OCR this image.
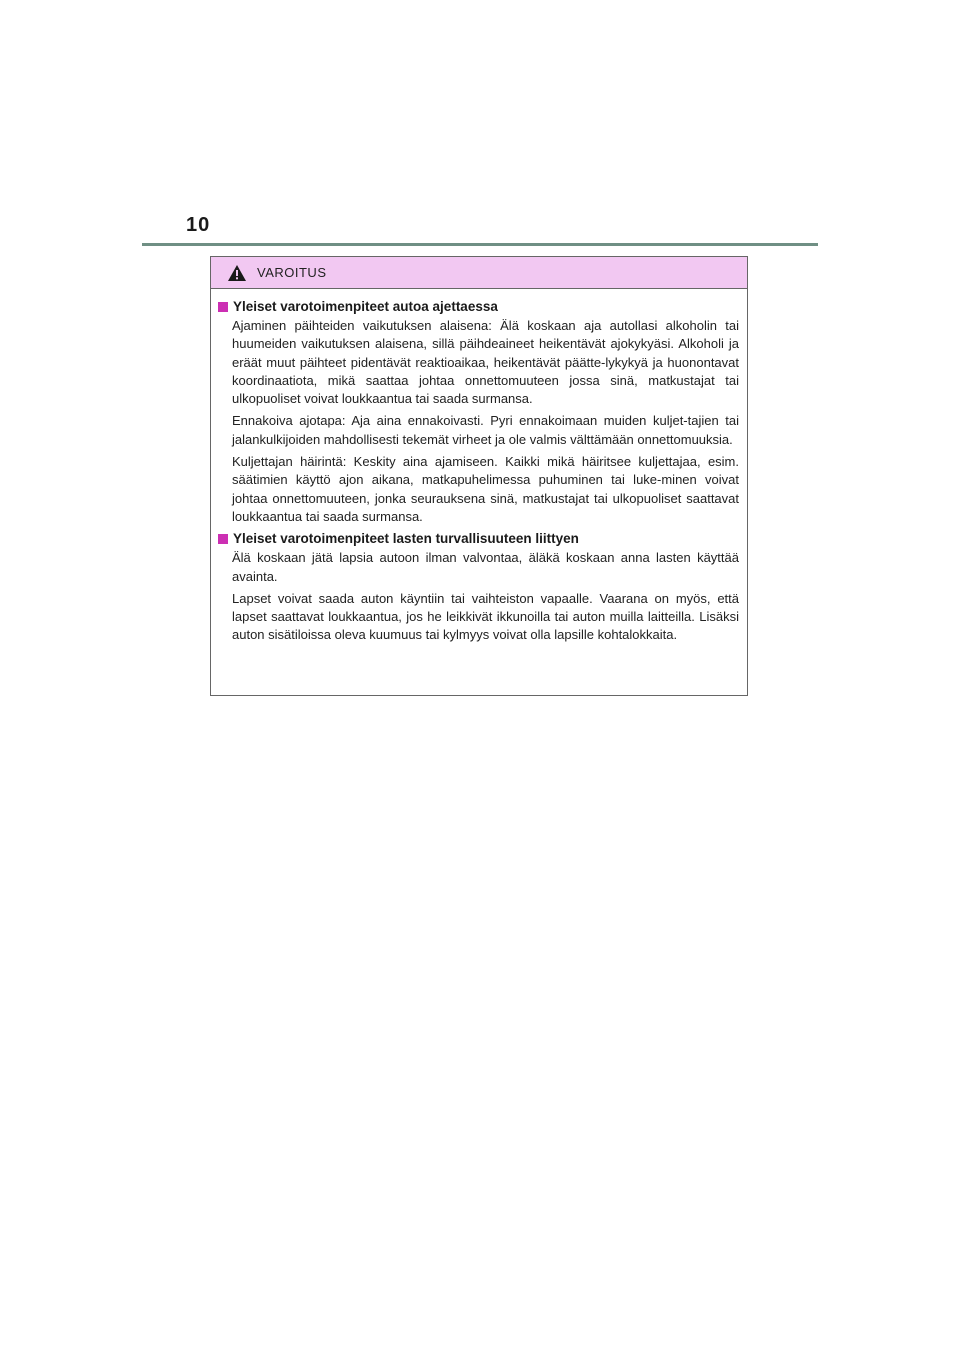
10
VAROITUS
Yleiset varotoimenpiteet autoa ajettaessa

Ajaminen päihteiden vaikutuksen alaisena: Älä koskaan aja autollasi alkoholin tai huumeiden vaikutuksen alaisena, sillä päihdeaineet heikentävät ajokykyäsi. Alkoholi ja eräät muut päihteet pidentävät reaktioaikaa, heikentävät päätte-lykykyä ja huonontavat koordinaatiota, mikä saattaa johtaa onnettomuuteen jossa sinä, matkustajat tai ulkopuoliset voivat loukkaantua tai saada surmansa.

Ennakoiva ajotapa: Aja aina ennakoivasti. Pyri ennakoimaan muiden kuljet-tajien tai jalankulkijoiden mahdollisesti tekemät virheet ja ole valmis välttämään onnettomuuksia.

Kuljettajan häirintä: Keskity aina ajamiseen. Kaikki mikä häiritsee kuljettajaa, esim. säätimien käyttö ajon aikana, matkapuhelimessa puhuminen tai luke-minen voivat johtaa onnettomuuteen, jonka seurauksena sinä, matkustajat tai ulkopuoliset saattavat loukkaantua tai saada surmansa.

Yleiset varotoimenpiteet lasten turvallisuuteen liittyen

Älä koskaan jätä lapsia autoon ilman valvontaa, äläkä koskaan anna lasten käyttää avainta.

Lapset voivat saada auton käyntiin tai vaihteiston vapaalle. Vaarana on myös, että lapset saattavat loukkaantua, jos he leikkivät ikkunoilla tai auton muilla laitteilla. Lisäksi auton sisätiloissa oleva kuumuus tai kylmyys voivat olla lapsille kohtalokkaita.
